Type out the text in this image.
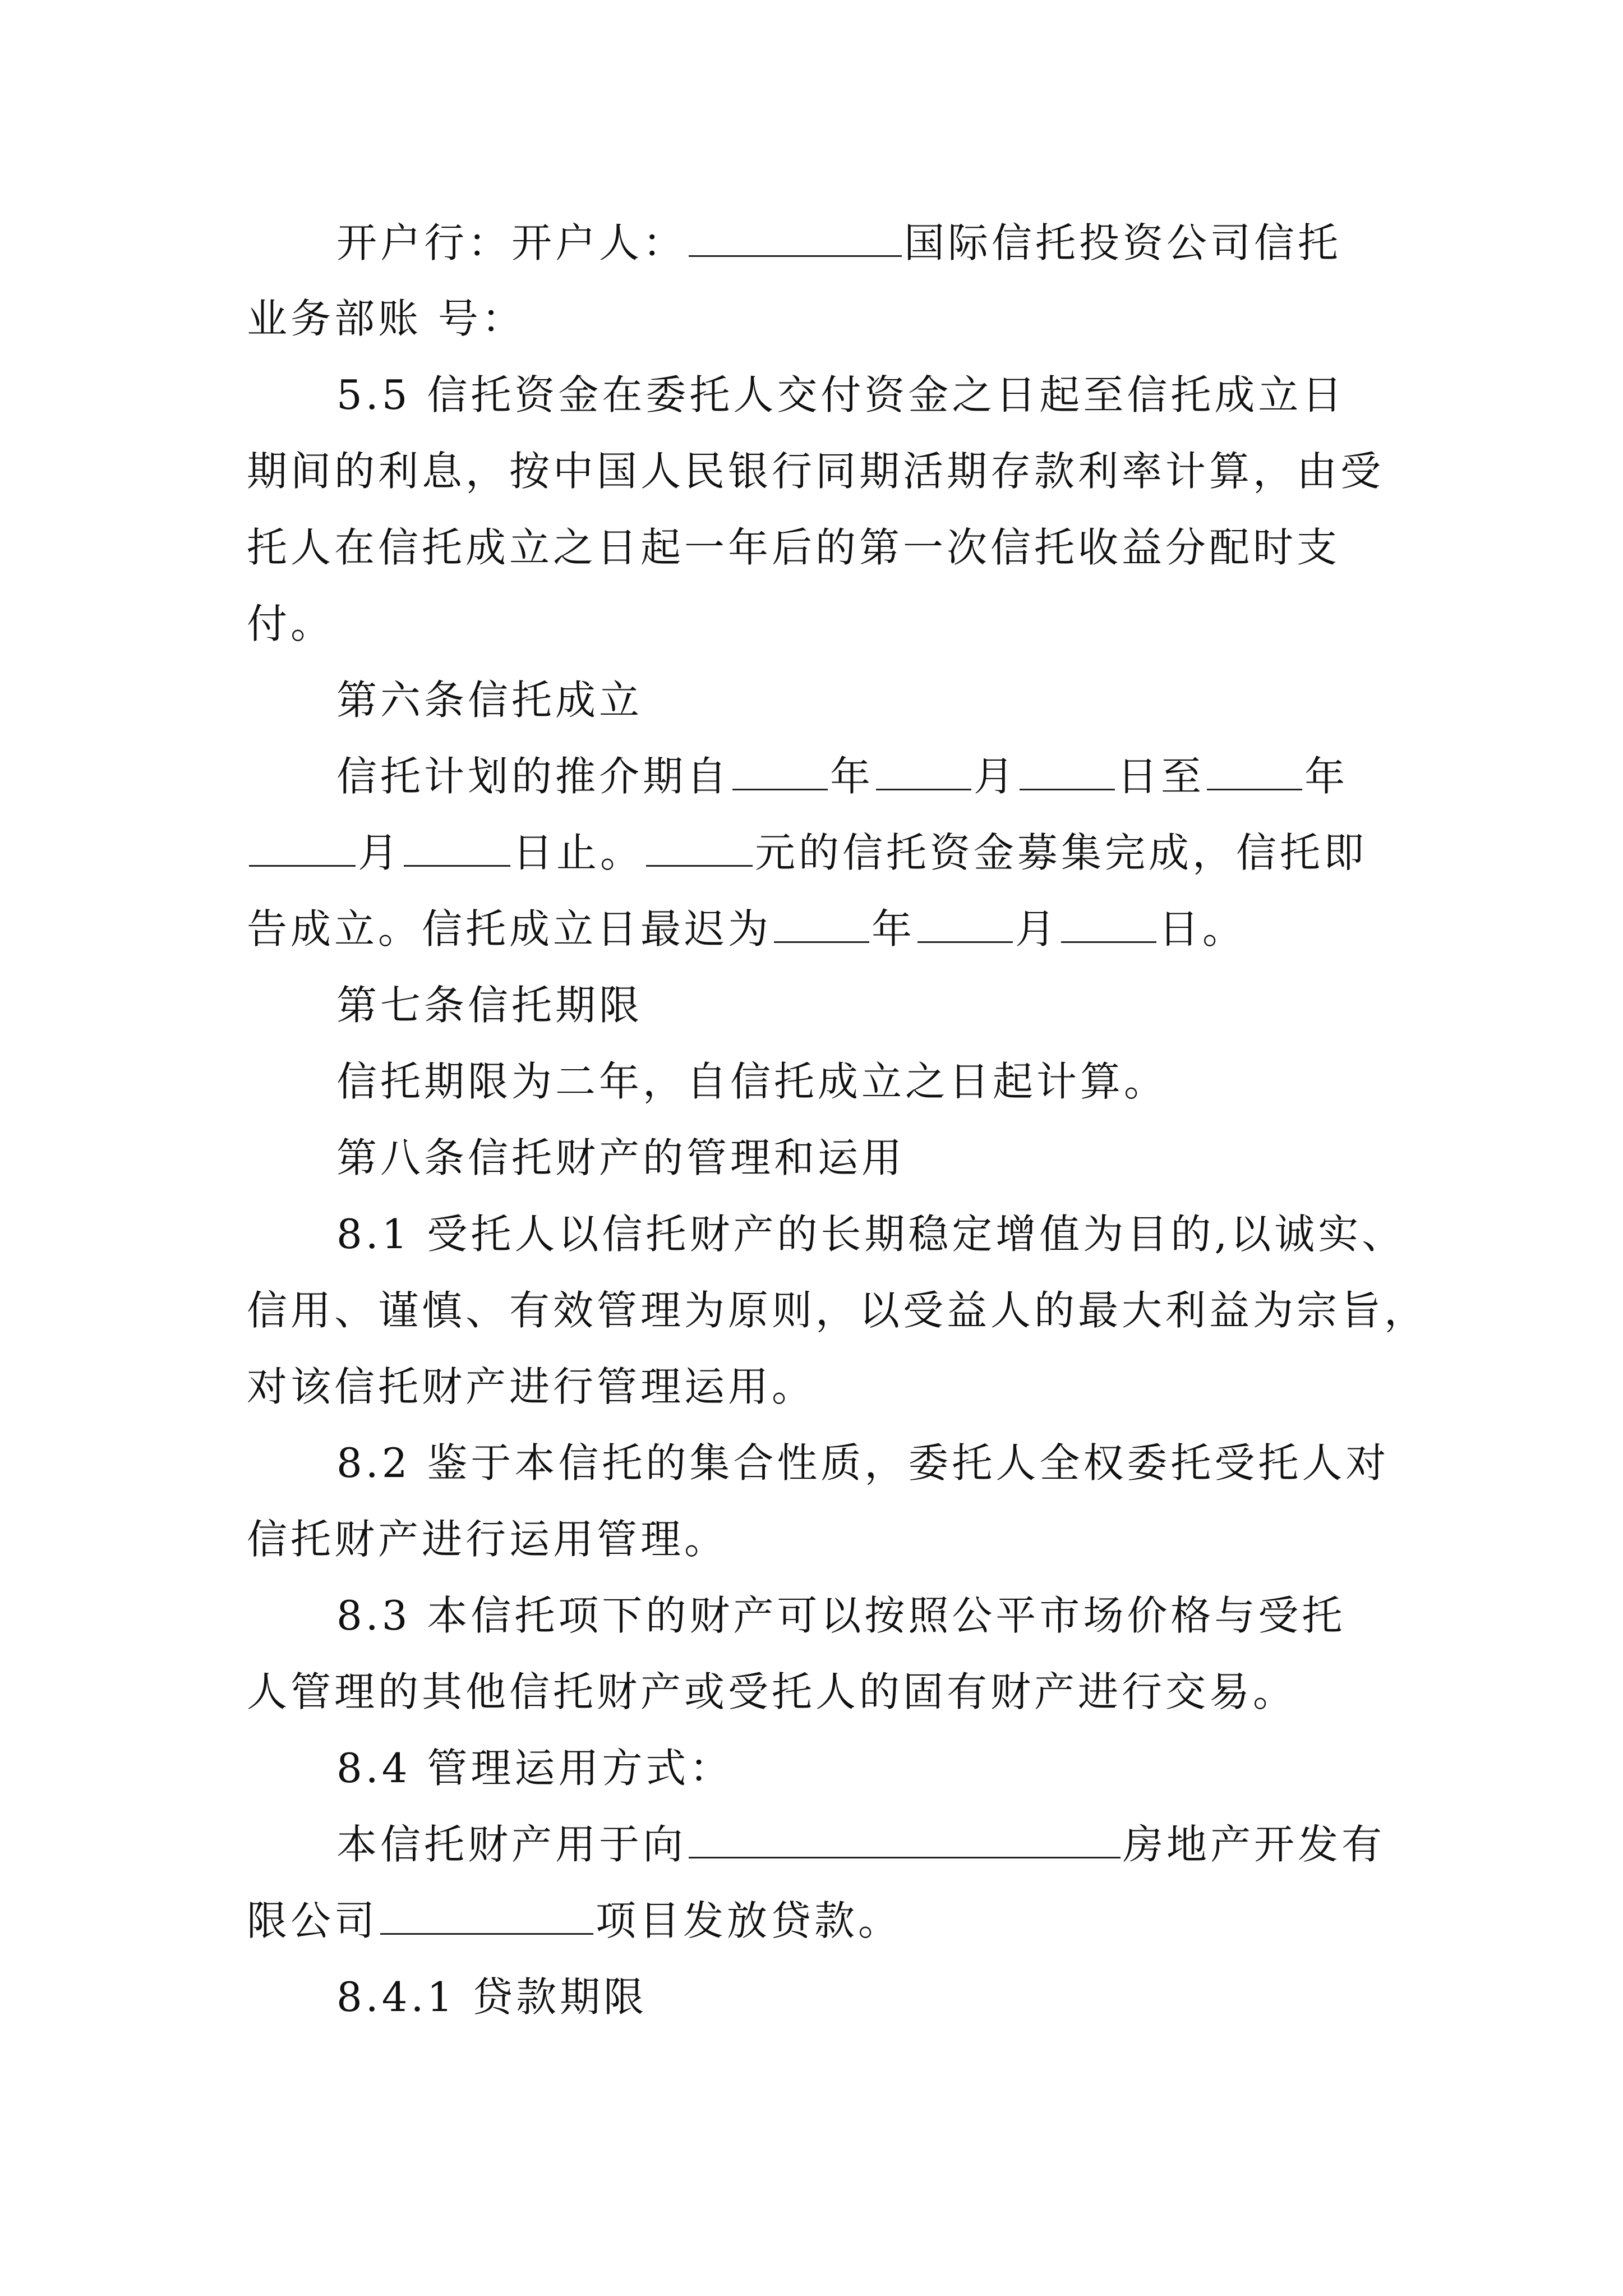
开户行：开户人：	国际信托投资公司信托
业务部账 号：
5.5 信托资金在委托人交付资金之日起至信托成立日
期间的利息，按中国人民银行同期活期存款利率计算，由受
托人在信托成立之日起一年后的第一次信托收益分配时支
付。
第六条信托成立
信托计划的推介期自 年 月 日至 年
月	日止。	元的信托资金募集完成，信托即
告成立。信托成立日最迟为 年 月 日。
第七条信托期限
信托期限为二年，自信托成立之日起计算。
第八条信托财产的管理和运用
8.1 受托人以信托财产的长期稳定增值为目的,以诚实、
信用、谨慎、有效管理为原则，以受益人的最大利益为宗旨，
对该信托财产进行管理运用。
8.2 鉴于本信托的集合性质，委托人全权委托受托人对
信托财产进行运用管理。
8.3 本信托项下的财产可以按照公平市场价格与受托
人管理的其他信托财产或受托人的固有财产进行交易。
8.4 管理运用方式：
本信托财产用于向	房地产开发有
限公司	项目发放贷款。
8.4.1 贷款期限
